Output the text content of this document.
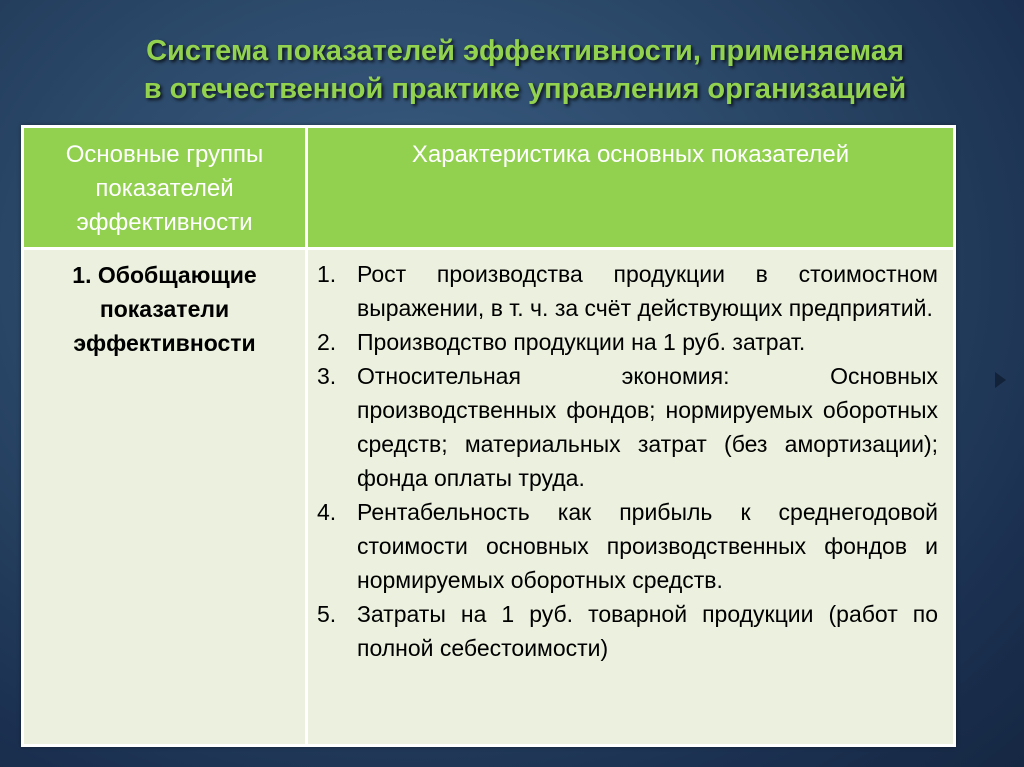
Система показателей эффективности, применяемая
в отечественной практике управления организацией
Основные группы показателей эффективности
Характеристика основных показателей
1. Обобщающие показатели эффективности
1. Рост производства продукции в стоимостном выражении, в т. ч. за счёт действующих предприятий.
2. Производство продукции на 1 руб. затрат.
3. Относительная экономия: Основных производственных фондов; нормируемых оборотных средств; материальных затрат (без амортизации); фонда оплаты труда.
4. Рентабельность как прибыль к среднегодовой стоимости основных производственных фондов и нормируемых оборотных средств.
5. Затраты на 1 руб. товарной продукции (работ по полной себестоимости)
